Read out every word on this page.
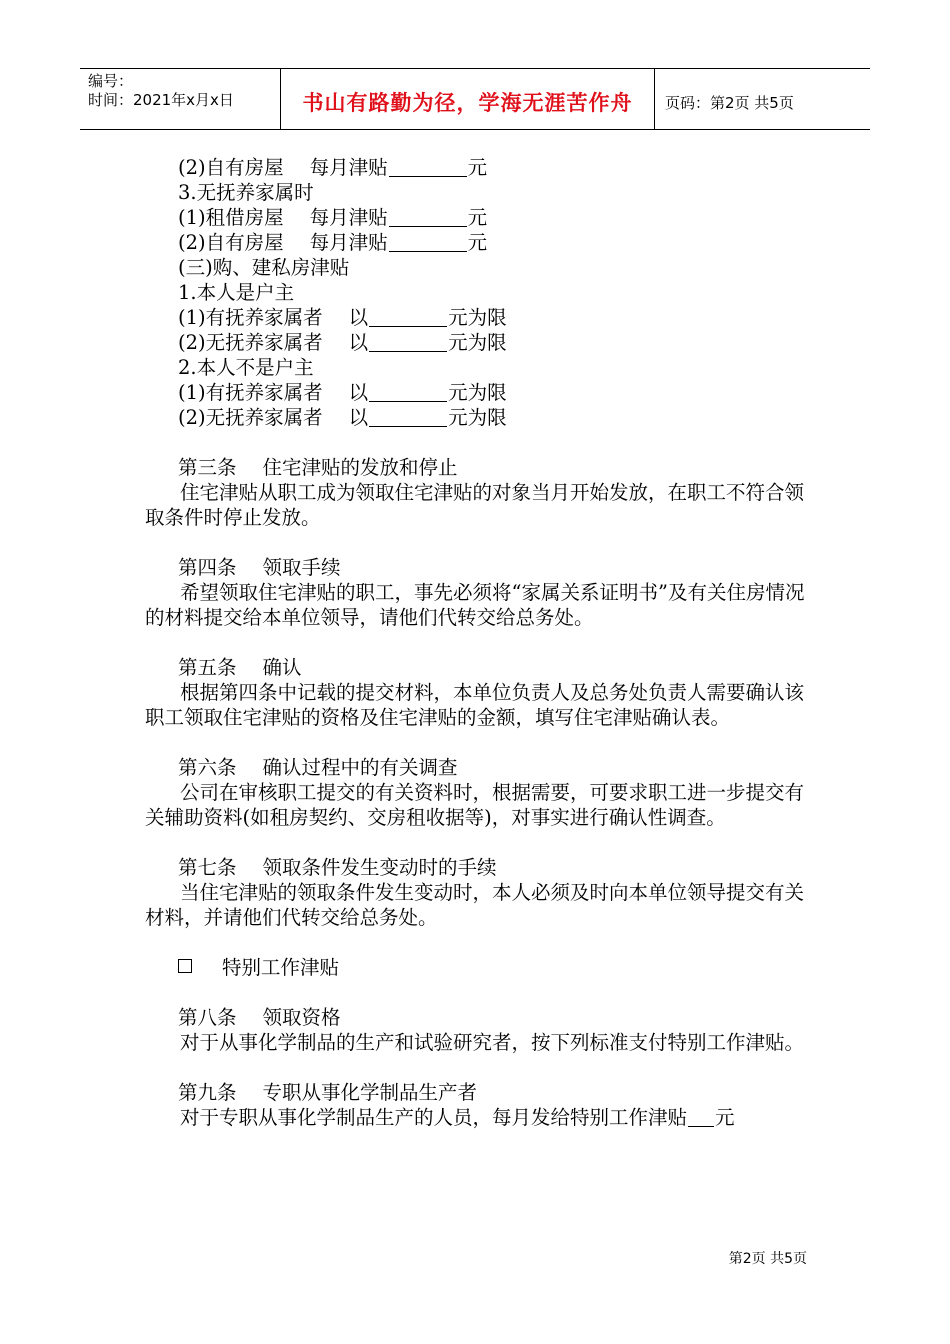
编号：
时间：2021年x月x日	书山有路勤为径，学海无涯苦作舟	页码：第2页 共5页

(2)自有房屋 每月津贴	元

3.无抚养家属时

(1)租借房屋 每月津贴	元

(2)自有房屋 每月津贴	元

(三)购、建私房津贴

1.本人是户主

(1)有抚养家属者 以	元为限

(2)无抚养家属者 以	元为限

2.本人不是户主

(1)有抚养家属者 以	元为限

(2)无抚养家属者 以	元为限

第三条 住宅津贴的发放和停止

住宅津贴从职工成为领取住宅津贴的对象当月开始发放，在职工不符合领取条件时停止发放。

第四条 领取手续

希望领取住宅津贴的职工，事先必须将“家属关系证明书”及有关住房情况的材料提交给本单位领导，请他们代转交给总务处。

第五条 确认

根据第四条中记载的提交材料，本单位负责人及总务处负责人需要确认该职工领取住宅津贴的资格及住宅津贴的金额，填写住宅津贴确认表。

第六条 确认过程中的有关调查

公司在审核职工提交的有关资料时，根据需要，可要求职工进一步提交有关辅助资料(如租房契约、交房租收据等)，对事实进行确认性调查。

第七条 领取条件发生变动时的手续

当住宅津贴的领取条件发生变动时，本人必须及时向本单位领导提交有关材料，并请他们代转交给总务处。

特别工作津贴

第八条 领取资格

对于从事化学制品的生产和试验研究者，按下列标准支付特别工作津贴。

第九条 专职从事化学制品生产者

对于专职从事化学制品生产的人员，每月发给特别工作津贴 元

第2页 共5页
